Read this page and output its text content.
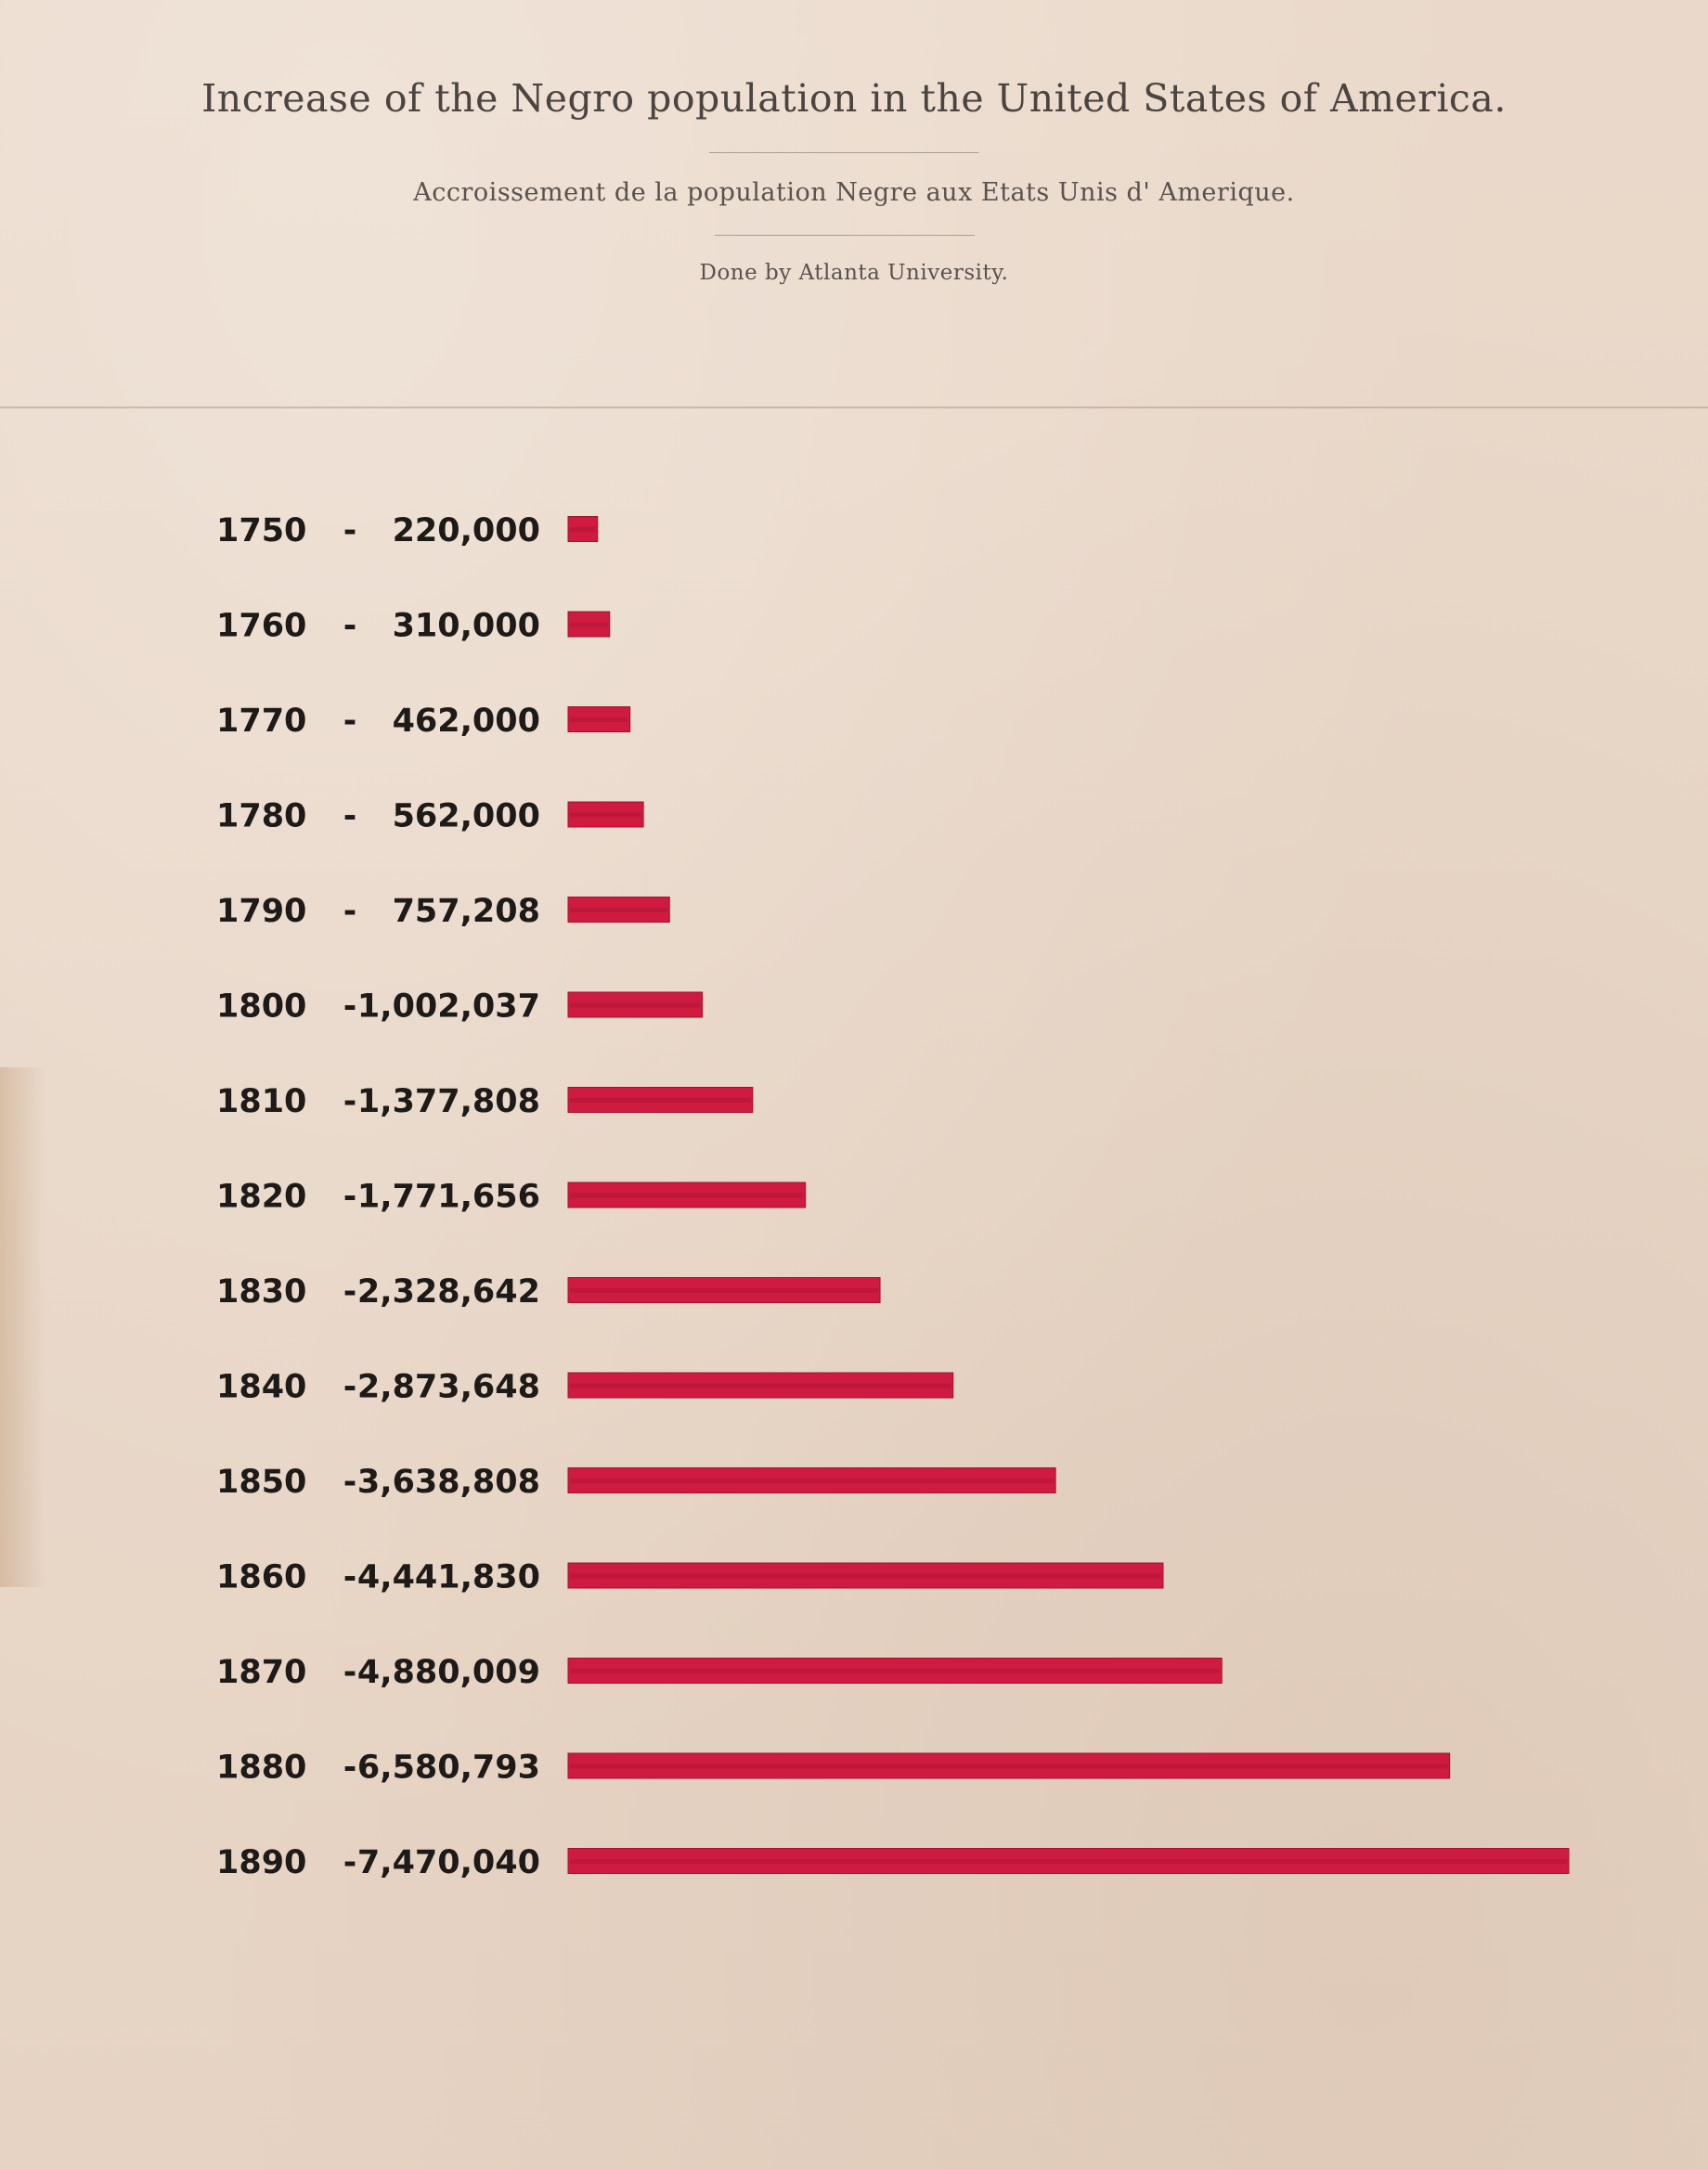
Increase of the Negro population in the United States of America.
Accroissement de la population Negre aux Etats Unis d' Amerique.
Done by Atlanta University.
1750 - 220,000
1760 - 310,000
1770 - 462,000
1780 - 562,000
1790 - 757,208
1800 - 1,002,037
1810 - 1,377,808
1820 - 1,771,656
1830 - 2,328,642
1840 - 2,873,648
1850 - 3,638,808
1860 - 4,441,830
1870 - 4,880,009
1880 - 6,580,793
1890 - 7,470,040
